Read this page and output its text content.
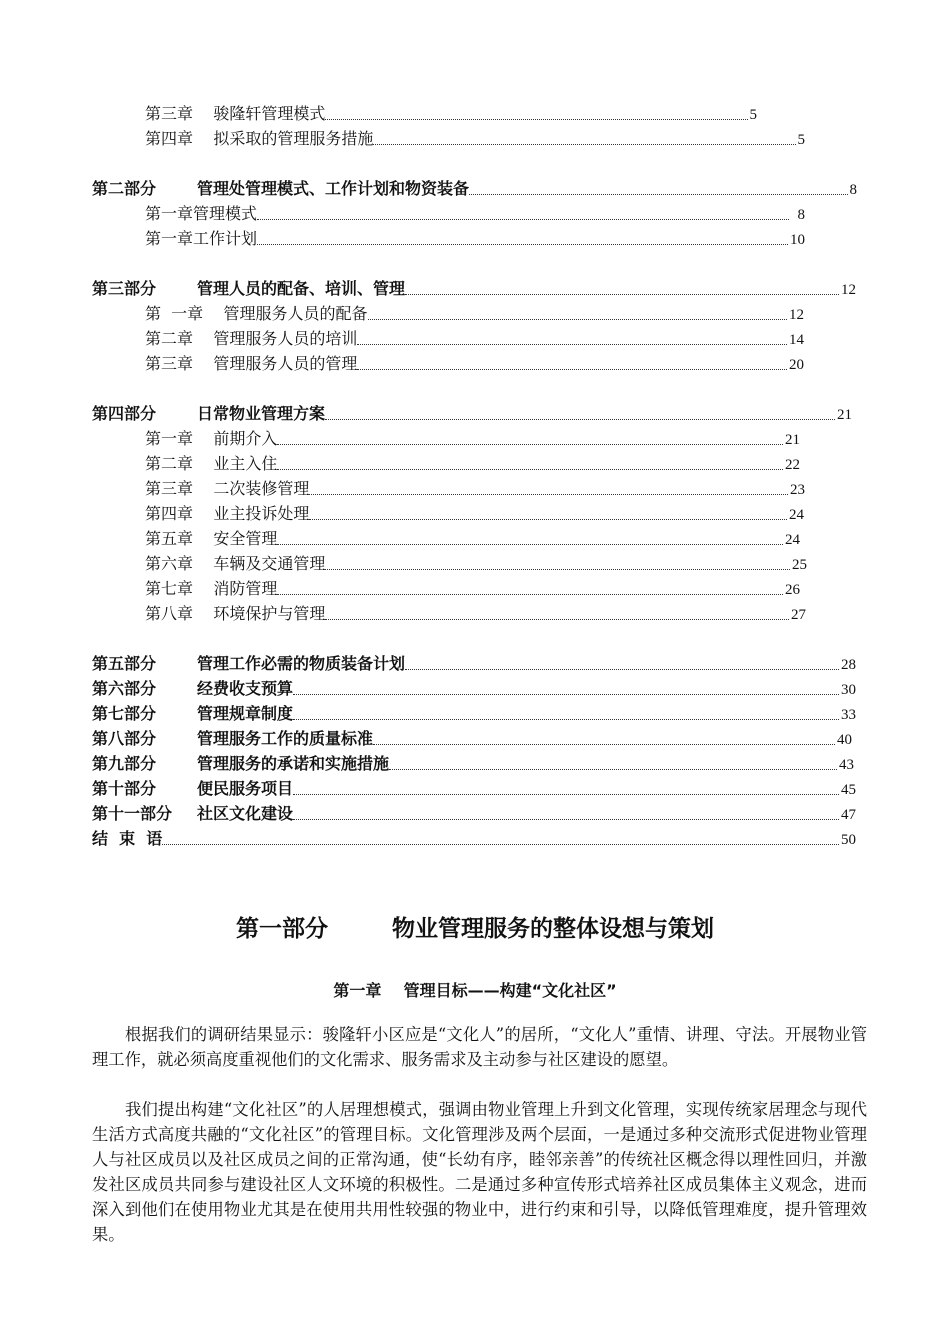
第三章    骏隆轩管理模式	5
第四章    拟采取的管理服务措施	5
第二部分	管理处管理模式、工作计划和物资装备	8
第一章管理模式	8
第一章工作计划	10
第三部分	管理人员的配备、培训、管理	12
第  一章    管理服务人员的配备	12
第二章    管理服务人员的培训	14
第三章    管理服务人员的管理	20
第四部分	日常物业管理方案	21
第一章    前期介入	21
第二章    业主入住	22
第三章    二次装修管理	23
第四章    业主投诉处理	24
第五章    安全管理	24
第六章    车辆及交通管理	25
第七章    消防管理	26
第八章    环境保护与管理	27
第五部分	管理工作必需的物质装备计划	28
第六部分	经费收支预算	30
第七部分	管理规章制度	33
第八部分	管理服务工作的质量标准	40
第九部分	管理服务的承诺和实施措施	43
第十部分	便民服务项目	45
第十一部分 社区文化建设	47
结  束  语	50
第一部分        物业管理服务的整体设想与策划
第一章    管理目标——构建“文化社区”

根据我们的调研结果显示：骏隆轩小区应是“文化人”的居所，“文化人”重情、讲理、守法。开展物业管理工作，就必须高度重视他们的文化需求、服务需求及主动参与社区建设的愿望。

我们提出构建“文化社区”的人居理想模式，强调由物业管理上升到文化管理，实现传统家居理念与现代生活方式高度共融的“文化社区”的管理目标。文化管理涉及两个层面，一是通过多种交流形式促进物业管理人与社区成员以及社区成员之间的正常沟通，使“长幼有序，睦邻亲善”的传统社区概念得以理性回归，并激发社区成员共同参与建设社区人文环境的积极性。二是通过多种宣传形式培养社区成员集体主义观念，进而深入到他们在使用物业尤其是在使用共用性较强的物业中，进行约束和引导，以降低管理难度，提升管理效果。
